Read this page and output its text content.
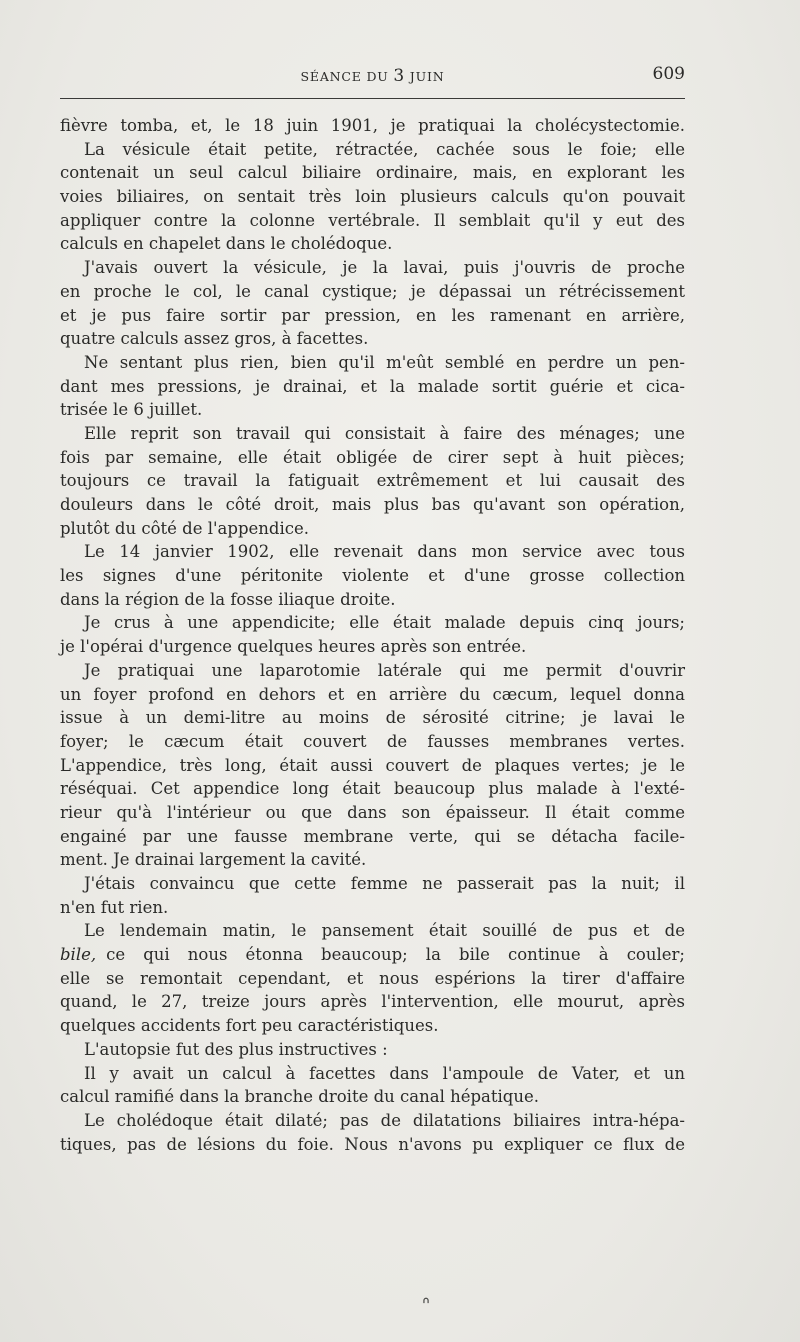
SÉANCE DU 3 JUIN	609
fièvre tomba, et, le 18 juin 1901, je pratiquai la cholécystectomie.
La vésicule était petite, rétractée, cachée sous le foie; elle
contenait un seul calcul biliaire ordinaire, mais, en explorant les
voies biliaires, on sentait très loin plusieurs calculs qu'on pouvait
appliquer contre la colonne vertébrale. Il semblait qu'il y eut des
calculs en chapelet dans le cholédoque.
J'avais ouvert la vésicule, je la lavai, puis j'ouvris de proche
en proche le col, le canal cystique; je dépassai un rétrécissement
et je pus faire sortir par pression, en les ramenant en arrière,
quatre calculs assez gros, à facettes.
Ne sentant plus rien, bien qu'il m'eût semblé en perdre un pen-
dant mes pressions, je drainai, et la malade sortit guérie et cica-
trisée le 6 juillet.
Elle reprit son travail qui consistait à faire des ménages; une
fois par semaine, elle était obligée de cirer sept à huit pièces;
toujours ce travail la fatiguait extrêmement et lui causait des
douleurs dans le côté droit, mais plus bas qu'avant son opération,
plutôt du côté de l'appendice.
Le 14 janvier 1902, elle revenait dans mon service avec tous
les signes d'une péritonite violente et d'une grosse collection
dans la région de la fosse iliaque droite.
Je crus à une appendicite; elle était malade depuis cinq jours;
je l'opérai d'urgence quelques heures après son entrée.
Je pratiquai une laparotomie latérale qui me permit d'ouvrir
un foyer profond en dehors et en arrière du cæcum, lequel donna
issue à un demi-litre au moins de sérosité citrine; je lavai le
foyer; le cæcum était couvert de fausses membranes vertes.
L'appendice, très long, était aussi couvert de plaques vertes; je le
réséquai. Cet appendice long était beaucoup plus malade à l'exté-
rieur qu'à l'intérieur ou que dans son épaisseur. Il était comme
engainé par une fausse membrane verte, qui se détacha facile-
ment. Je drainai largement la cavité.
J'étais convaincu que cette femme ne passerait pas la nuit; il
n'en fut rien.
Le lendemain matin, le pansement était souillé de pus et de
bile, ce qui nous étonna beaucoup; la bile continue à couler;
elle se remontait cependant, et nous espérions la tirer d'affaire
quand, le 27, treize jours après l'intervention, elle mourut, après
quelques accidents fort peu caractéristiques.
L'autopsie fut des plus instructives :
Il y avait un calcul à facettes dans l'ampoule de Vater, et un
calcul ramifié dans la branche droite du canal hépatique.
Le cholédoque était dilaté; pas de dilatations biliaires intra-hépa-
tiques, pas de lésions du foie. Nous n'avons pu expliquer ce flux de
ᐢ
